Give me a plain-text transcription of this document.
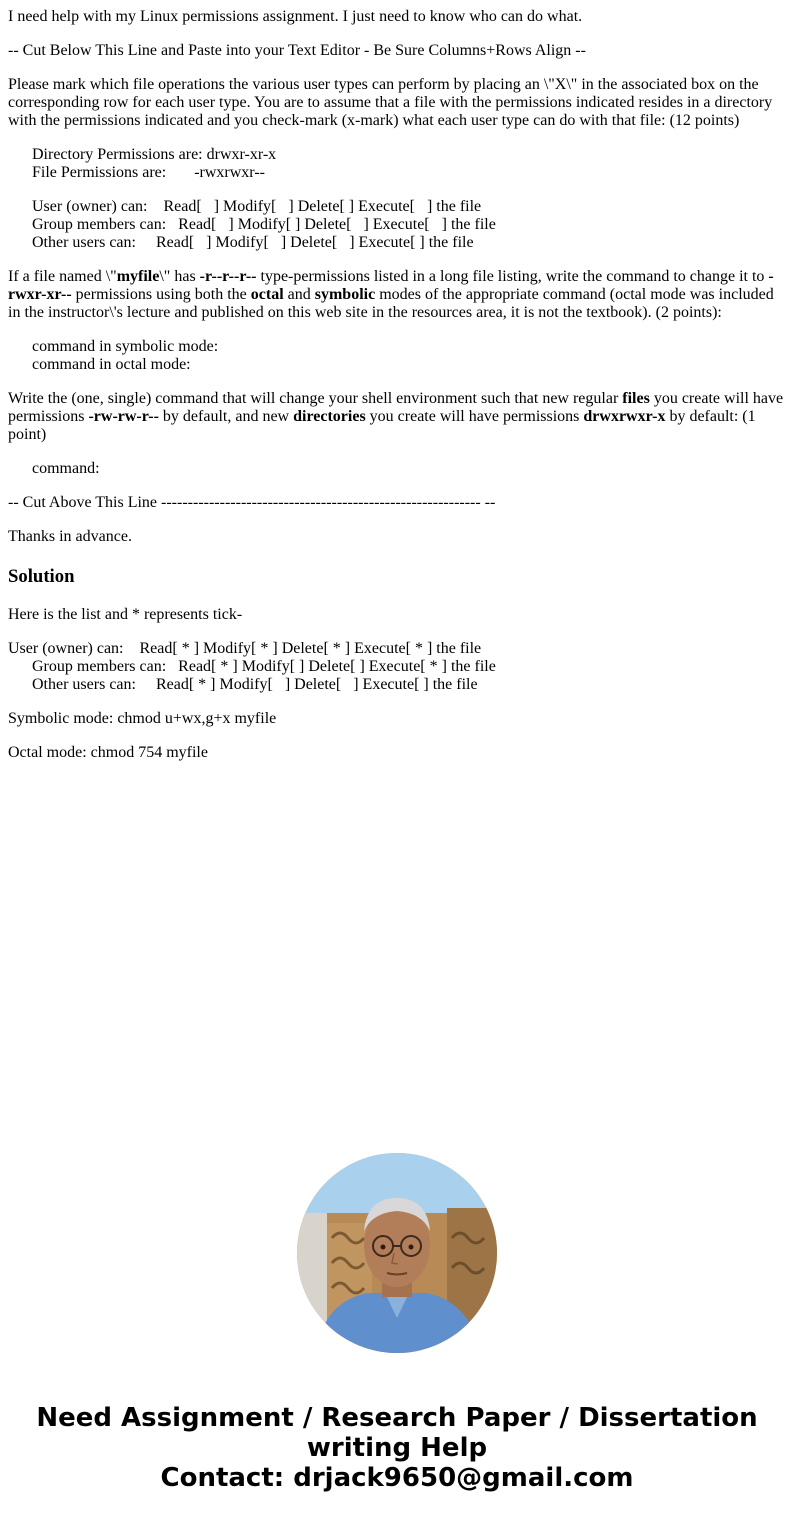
I need help with my Linux permissions assignment. I just need to know who can do what.
-- Cut Below This Line and Paste into your Text Editor - Be Sure Columns+Rows Align --
Please mark which file operations the various user types can perform by placing an \"X\" in the associated box on the corresponding row for each user type. You are to assume that a file with the permissions indicated resides in a directory with the permissions indicated and you check-mark (x-mark) what each user type can do with that file: (12 points)
Directory Permissions are: drwxr-xr-x
File Permissions are:       -rwxrwxr--
User (owner) can:    Read[   ] Modify[   ] Delete[ ] Execute[   ] the file
Group members can:   Read[   ] Modify[ ] Delete[   ] Execute[   ] the file
Other users can:     Read[   ] Modify[   ] Delete[   ] Execute[ ] the file
If a file named \"myfile\" has -r--r--r-- type-permissions listed in a long file listing, write the command to change it to -rwxr-xr-- permissions using both the octal and symbolic modes of the appropriate command (octal mode was included in the instructor\'s lecture and published on this web site in the resources area, it is not the textbook). (2 points):
command in symbolic mode:
command in octal mode:
Write the (one, single) command that will change your shell environment such that new regular files you create will have permissions -rw-rw-r-- by default, and new directories you create will have permissions drwxrwxr-x by default: (1 point)
command:
-- Cut Above This Line ------------------------------------------------------------ --
Thanks in advance.
Solution
Here is the list and * represents tick-
User (owner) can:    Read[ * ] Modify[ * ] Delete[ * ] Execute[ * ] the file
Group members can:   Read[ * ] Modify[ ] Delete[ ] Execute[ * ] the file
Other users can:     Read[ * ] Modify[   ] Delete[   ] Execute[ ] the file
Symbolic mode: chmod u+wx,g+x myfile
Octal mode: chmod 754 myfile
Need Assignment / Research Paper / Dissertation
writing Help
Contact: drjack9650@gmail.com
